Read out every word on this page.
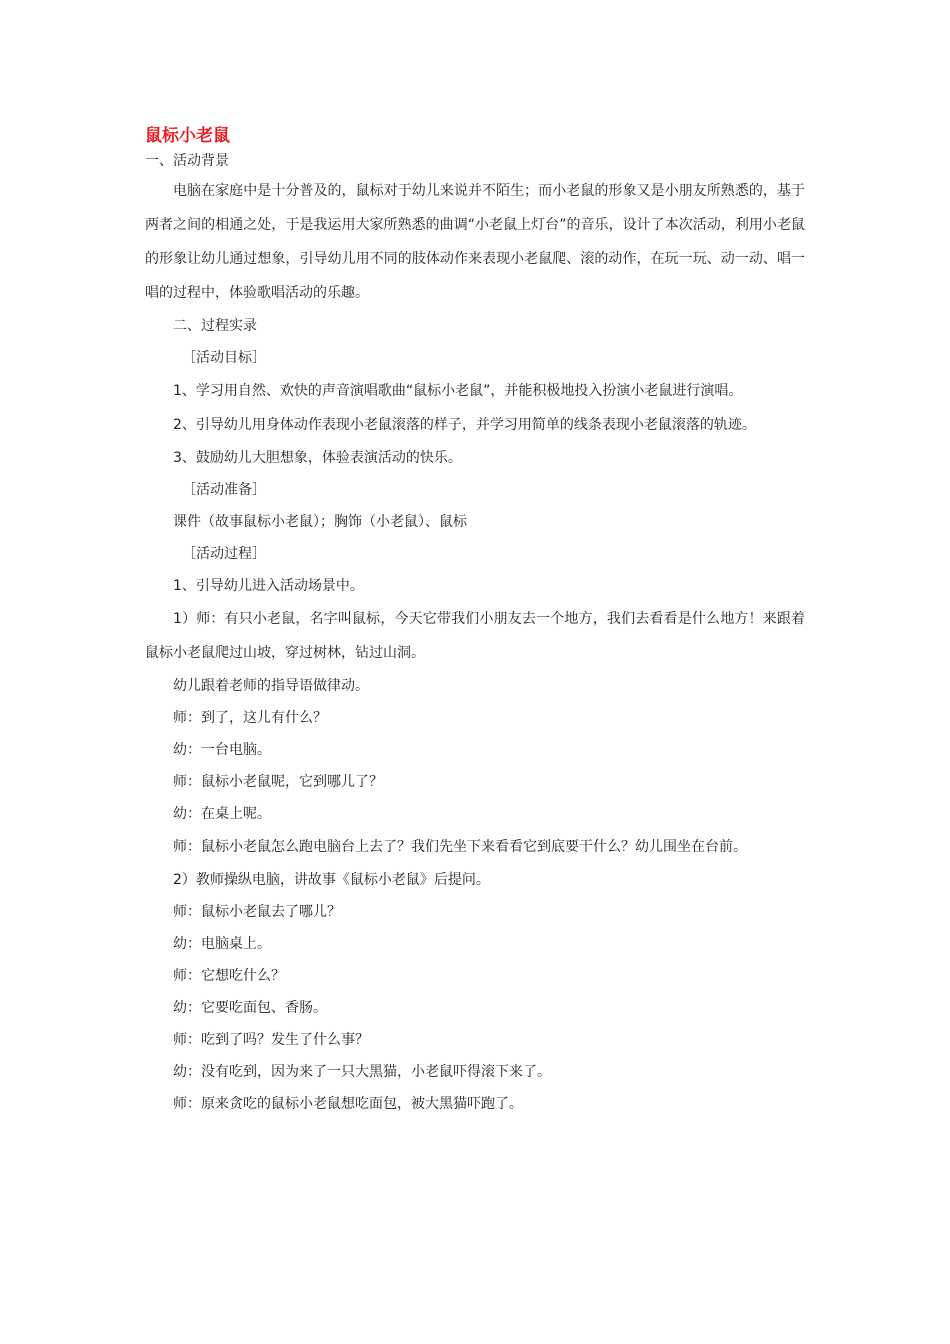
鼠标小老鼠

一、活动背景

电脑在家庭中是十分普及的，鼠标对于幼儿来说并不陌生；而小老鼠的形象又是小朋友所熟悉的，基于两者之间的相通之处，于是我运用大家所熟悉的曲调“小老鼠上灯台”的音乐，设计了本次活动，利用小老鼠的形象让幼儿通过想象，引导幼儿用不同的肢体动作来表现小老鼠爬、滚的动作，在玩一玩、动一动、唱一唱的过程中，体验歌唱活动的乐趣。

二、过程实录

［活动目标］

1、学习用自然、欢快的声音演唱歌曲“鼠标小老鼠”，并能积极地投入扮演小老鼠进行演唱。

2、引导幼儿用身体动作表现小老鼠滚落的样子，并学习用简单的线条表现小老鼠滚落的轨迹。

3、鼓励幼儿大胆想象，体验表演活动的快乐。

［活动准备］

课件（故事鼠标小老鼠）；胸饰（小老鼠）、鼠标

［活动过程］

1、引导幼儿进入活动场景中。

1）师：有只小老鼠，名字叫鼠标，今天它带我们小朋友去一个地方，我们去看看是什么地方！来跟着鼠标小老鼠爬过山坡，穿过树林，钻过山洞。

幼儿跟着老师的指导语做律动。

师：到了，这儿有什么？

幼：一台电脑。

师：鼠标小老鼠呢，它到哪儿了？

幼：在桌上呢。

师：鼠标小老鼠怎么跑电脑台上去了？我们先坐下来看看它到底要干什么？幼儿围坐在台前。

2）教师操纵电脑，讲故事《鼠标小老鼠》后提问。

师：鼠标小老鼠去了哪儿？

幼：电脑桌上。

师：它想吃什么？

幼：它要吃面包、香肠。

师：吃到了吗？发生了什么事？

幼：没有吃到，因为来了一只大黑猫，小老鼠吓得滚下来了。

师：原来贪吃的鼠标小老鼠想吃面包，被大黑猫吓跑了。
